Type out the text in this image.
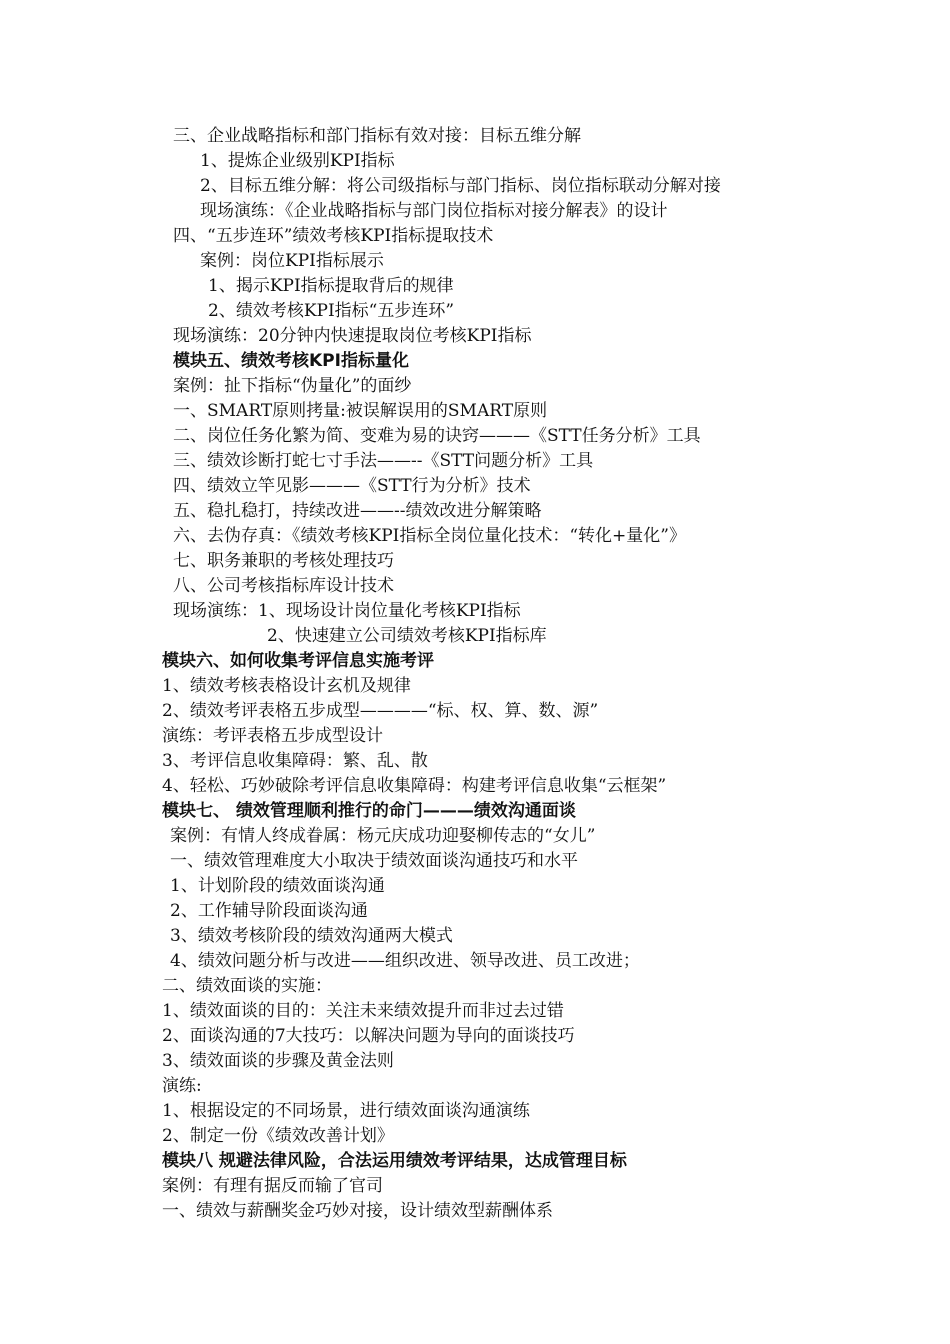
三、企业战略指标和部门指标有效对接：目标五维分解
1、提炼企业级别KPI指标
2、目标五维分解：将公司级指标与部门指标、岗位指标联动分解对接
现场演练：《企业战略指标与部门岗位指标对接分解表》的设计
四、“五步连环”绩效考核KPI指标提取技术
案例：岗位KPI指标展示
1、揭示KPI指标提取背后的规律
2、绩效考核KPI指标“五步连环”
现场演练：20分钟内快速提取岗位考核KPI指标
模块五、绩效考核KPI指标量化
案例：扯下指标“伪量化”的面纱
一、SMART原则拷量:被误解误用的SMART原则
二、岗位任务化繁为简、变难为易的诀窍———《STT任务分析》工具
三、绩效诊断打蛇七寸手法——--《STT问题分析》工具
四、绩效立竿见影———《STT行为分析》技术
五、稳扎稳打，持续改进——--绩效改进分解策略
六、去伪存真：《绩效考核KPI指标全岗位量化技术：“转化+量化”》
七、职务兼职的考核处理技巧
八、公司考核指标库设计技术
现场演练：1、现场设计岗位量化考核KPI指标
2、快速建立公司绩效考核KPI指标库
模块六、如何收集考评信息实施考评
1、绩效考核表格设计玄机及规律
2、绩效考评表格五步成型————“标、权、算、数、源”
演练：考评表格五步成型设计
3、考评信息收集障碍：繁、乱、散
4、轻松、巧妙破除考评信息收集障碍：构建考评信息收集“云框架”
模块七、 绩效管理顺利推行的命门———绩效沟通面谈
案例：有情人终成眷属：杨元庆成功迎娶柳传志的“女儿”
一、绩效管理难度大小取决于绩效面谈沟通技巧和水平
1、计划阶段的绩效面谈沟通
2、工作辅导阶段面谈沟通
3、绩效考核阶段的绩效沟通两大模式
4、绩效问题分析与改进——组织改进、领导改进、员工改进；
二、绩效面谈的实施：
1、绩效面谈的目的：关注未来绩效提升而非过去过错
2、面谈沟通的7大技巧：以解决问题为导向的面谈技巧
3、绩效面谈的步骤及黄金法则
演练:
1、根据设定的不同场景，进行绩效面谈沟通演练
2、制定一份《绩效改善计划》
模块八 规避法律风险，合法运用绩效考评结果，达成管理目标
案例：有理有据反而输了官司
一、绩效与薪酬奖金巧妙对接，设计绩效型薪酬体系
